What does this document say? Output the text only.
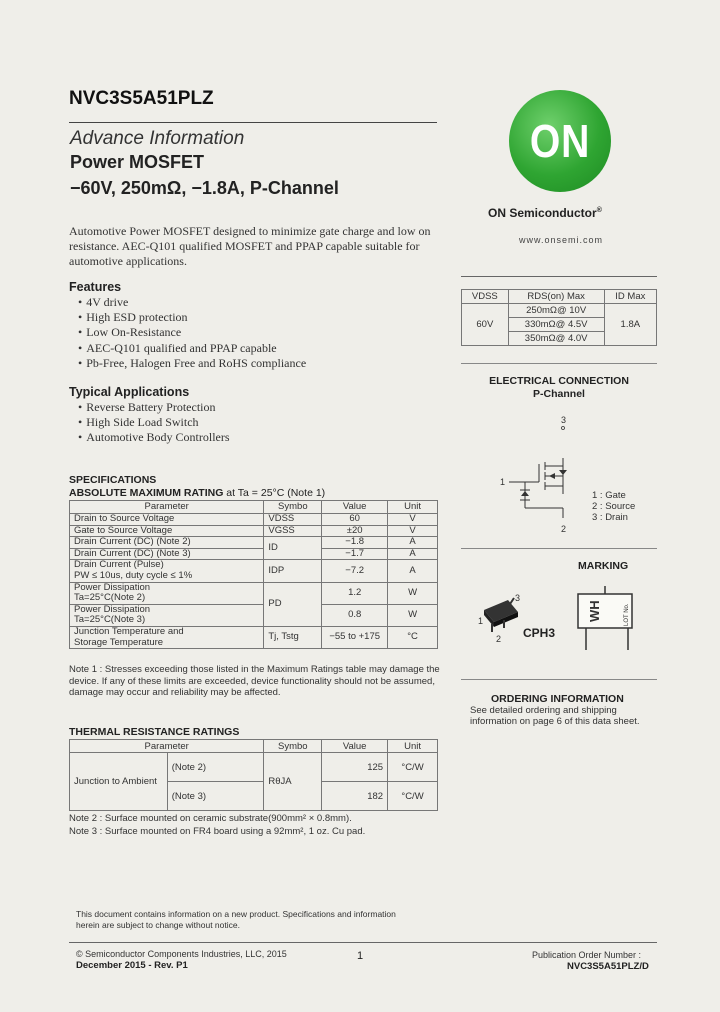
NVC3S5A51PLZ
Advance Information
Power MOSFET
−60V, 250mΩ, −1.8A, P-Channel
Automotive Power MOSFET designed to minimize gate charge and low on resistance. AEC-Q101 qualified MOSFET and PPAP capable suitable for automotive applications.
Features
• 4V drive
• High ESD protection
• Low On-Resistance
• AEC-Q101 qualified and PPAP capable
• Pb-Free, Halogen Free and RoHS compliance
Typical Applications
• Reverse Battery Protection
• High Side Load Switch
• Automotive Body Controllers
ON
ON Semiconductor®
www.onsemi.com
VDSS	RDS(on) Max	ID Max
60V	250mΩ@ 10V	1.8A
	330mΩ@ 4.5V	
	350mΩ@ 4.0V	
ELECTRICAL CONNECTION
P-Channel
3
1
2
1 : Gate
2 : Source
3 : Drain
MARKING
1
2
3
CPH3
WH	LOT No.
ORDERING INFORMATION
See detailed ordering and shipping information on page 6 of this data sheet.
SPECIFICATIONS
ABSOLUTE MAXIMUM RATING at Ta = 25°C (Note 1)
Parameter	Symbo	Value	Unit
Drain to Source Voltage	VDSS	60	V
Gate to Source Voltage	VGSS	±20	V
Drain Current (DC) (Note 2)	ID	−1.8	A
Drain Current (DC) (Note 3)		−1.7	A

Drain Current (Pulse)
PW ≤ 10us, duty cycle ≤ 1%	IDP	−7.2	A

Power Dissipation
Ta=25°C(Note 2)	PD	1.2	W

Power Dissipation
Ta=25°C(Note 3)		0.8	W

Junction Temperature and
Storage Temperature	Tj, Tstg	−55 to +175	°C
Note 1 : Stresses exceeding those listed in the Maximum Ratings table may damage the device. If any of these limits are exceeded, device functionality should not be assumed, damage may occur and reliability may be affected.
THERMAL RESISTANCE RATINGS
Parameter		Symbo	Value	Unit
Junction to Ambient	(Note 2)	RθJA	125	°C/W
	(Note 3)		182	°C/W
Note 2 : Surface mounted on ceramic substrate(900mm² × 0.8mm).
Note 3 : Surface mounted on FR4 board using a 92mm², 1 oz. Cu pad.
This document contains information on a new product. Specifications and information herein are subject to change without notice.
© Semiconductor Components Industries, LLC, 2015
December 2015 - Rev. P1
1	Publication Order Number :
NVC3S5A51PLZ/D
